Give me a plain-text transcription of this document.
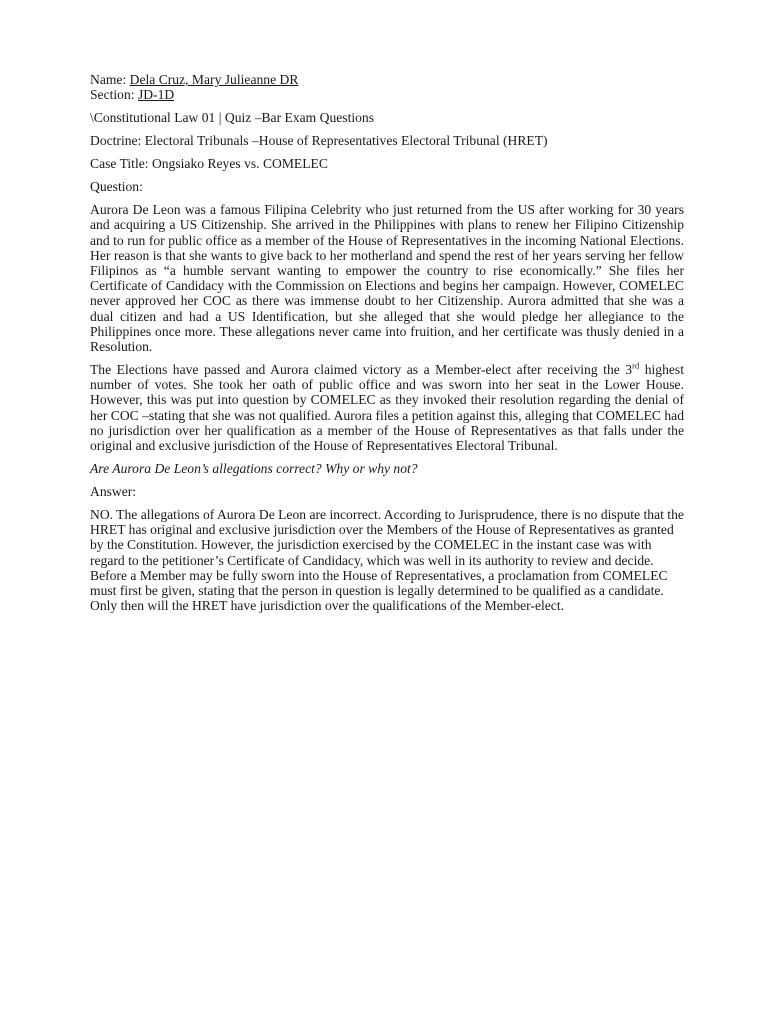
Name: Dela Cruz, Mary Julieanne DR
Section: JD-1D
\Constitutional Law 01 | Quiz –Bar Exam Questions
Doctrine: Electoral Tribunals –House of Representatives Electoral Tribunal (HRET)
Case Title: Ongsiako Reyes vs. COMELEC
Question:

Aurora De Leon was a famous Filipina Celebrity who just returned from the US after working for 30 years and acquiring a US Citizenship. She arrived in the Philippines with plans to renew her Filipino Citizenship and to run for public office as a member of the House of Representatives in the incoming National Elections. Her reason is that she wants to give back to her motherland and spend the rest of her years serving her fellow Filipinos as “a humble servant wanting to empower the country to rise economically.” She files her Certificate of Candidacy with the Commission on Elections and begins her campaign. However, COMELEC never approved her COC as there was immense doubt to her Citizenship. Aurora admitted that she was a dual citizen and had a US Identification, but she alleged that she would pledge her allegiance to the Philippines once more. These allegations never came into fruition, and her certificate was thusly denied in a Resolution.

The Elections have passed and Aurora claimed victory as a Member-elect after receiving the 3rd highest number of votes. She took her oath of public office and was sworn into her seat in the Lower House. However, this was put into question by COMELEC as they invoked their resolution regarding the denial of her COC –stating that she was not qualified. Aurora files a petition against this, alleging that COMELEC had no jurisdiction over her qualification as a member of the House of Representatives as that falls under the original and exclusive jurisdiction of the House of Representatives Electoral Tribunal.

Are Aurora De Leon’s allegations correct? Why or why not?

Answer:

NO. The allegations of Aurora De Leon are incorrect. According to Jurisprudence, there is no dispute that the HRET has original and exclusive jurisdiction over the Members of the House of Representatives as granted by the Constitution. However, the jurisdiction exercised by the COMELEC in the instant case was with regard to the petitioner’s Certificate of Candidacy, which was well in its authority to review and decide. Before a Member may be fully sworn into the House of Representatives, a proclamation from COMELEC must first be given, stating that the person in question is legally determined to be qualified as a candidate. Only then will the HRET have jurisdiction over the qualifications of the Member-elect.
